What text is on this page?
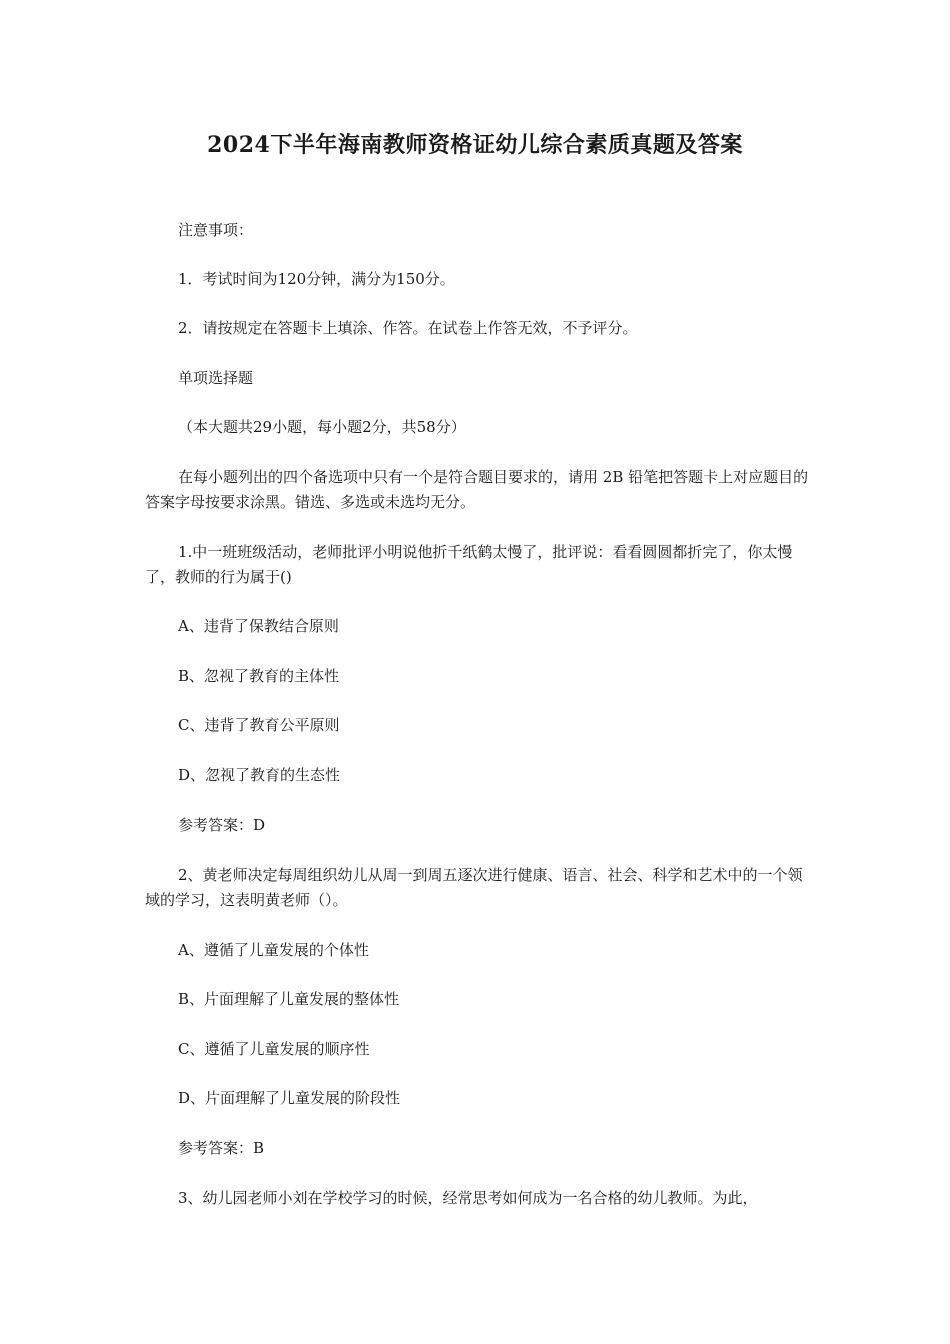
2024下半年海南教师资格证幼儿综合素质真题及答案

注意事项：

1．考试时间为120分钟，满分为150分。

2．请按规定在答题卡上填涂、作答。在试卷上作答无效，不予评分。

单项选择题

（本大题共29小题，每小题2分，共58分）

在每小题列出的四个备选项中只有一个是符合题目要求的，请用 2B 铅笔把答题卡上对应题目的答案字母按要求涂黑。错选、多选或未选均无分。

1.中一班班级活动，老师批评小明说他折千纸鹤太慢了，批评说：看看圆圆都折完了，你太慢了，教师的行为属于()

A、违背了保教结合原则

B、忽视了教育的主体性

C、违背了教育公平原则

D、忽视了教育的生态性

参考答案：D

2、黄老师决定每周组织幼儿从周一到周五逐次进行健康、语言、社会、科学和艺术中的一个领域的学习，这表明黄老师（）。

A、遵循了儿童发展的个体性

B、片面理解了儿童发展的整体性

C、遵循了儿童发展的顺序性

D、片面理解了儿童发展的阶段性

参考答案：B

3、幼儿园老师小刘在学校学习的时候，经常思考如何成为一名合格的幼儿教师。为此，
